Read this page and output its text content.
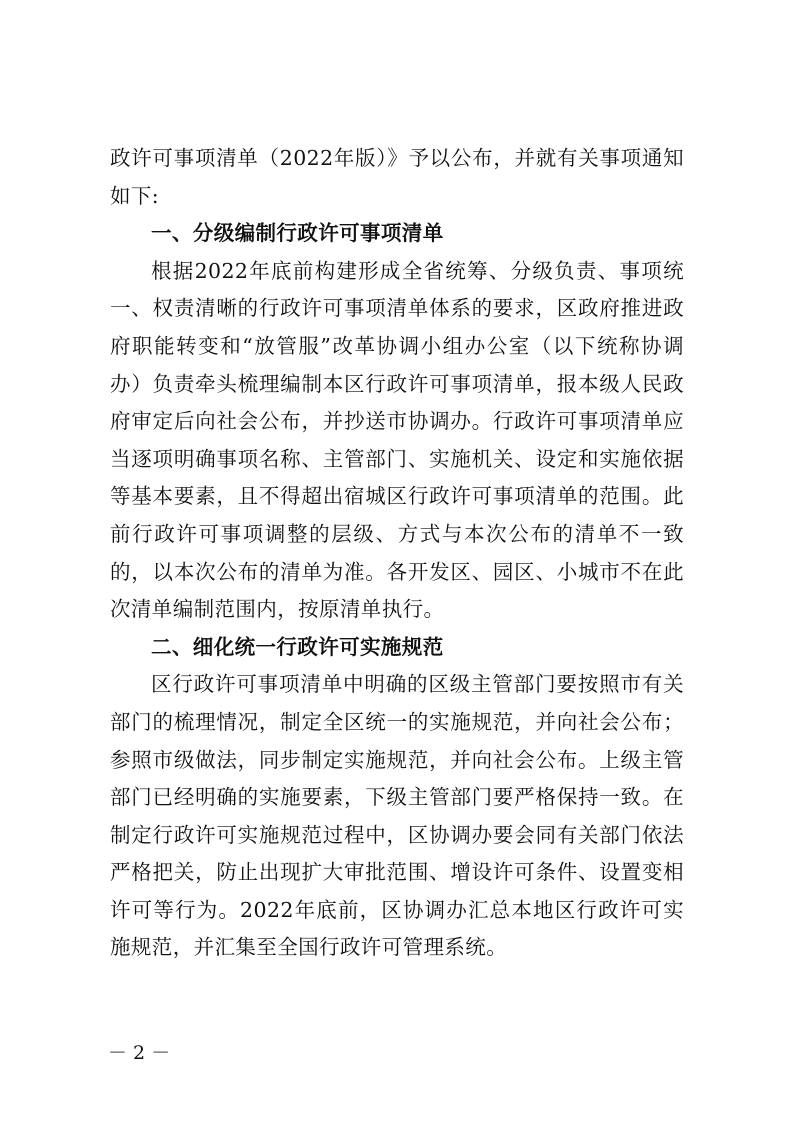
政许可事项清单（2022年版）》予以公布，并就有关事项通知如下:

一、分级编制行政许可事项清单

根据2022年底前构建形成全省统筹、分级负责、事项统一、权责清晰的行政许可事项清单体系的要求，区政府推进政府职能转变和“放管服”改革协调小组办公室（以下统称协调办）负责牵头梳理编制本区行政许可事项清单，报本级人民政府审定后向社会公布，并抄送市协调办。行政许可事项清单应当逐项明确事项名称、主管部门、实施机关、设定和实施依据等基本要素，且不得超出宿城区行政许可事项清单的范围。此前行政许可事项调整的层级、方式与本次公布的清单不一致的，以本次公布的清单为准。各开发区、园区、小城市不在此次清单编制范围内，按原清单执行。

二、细化统一行政许可实施规范

区行政许可事项清单中明确的区级主管部门要按照市有关部门的梳理情况，制定全区统一的实施规范，并向社会公布；参照市级做法，同步制定实施规范，并向社会公布。上级主管部门已经明确的实施要素，下级主管部门要严格保持一致。在制定行政许可实施规范过程中，区协调办要会同有关部门依法严格把关，防止出现扩大审批范围、增设许可条件、设置变相许可等行为。2022年底前，区协调办汇总本地区行政许可实施规范，并汇集至全国行政许可管理系统。

－ 2 －
